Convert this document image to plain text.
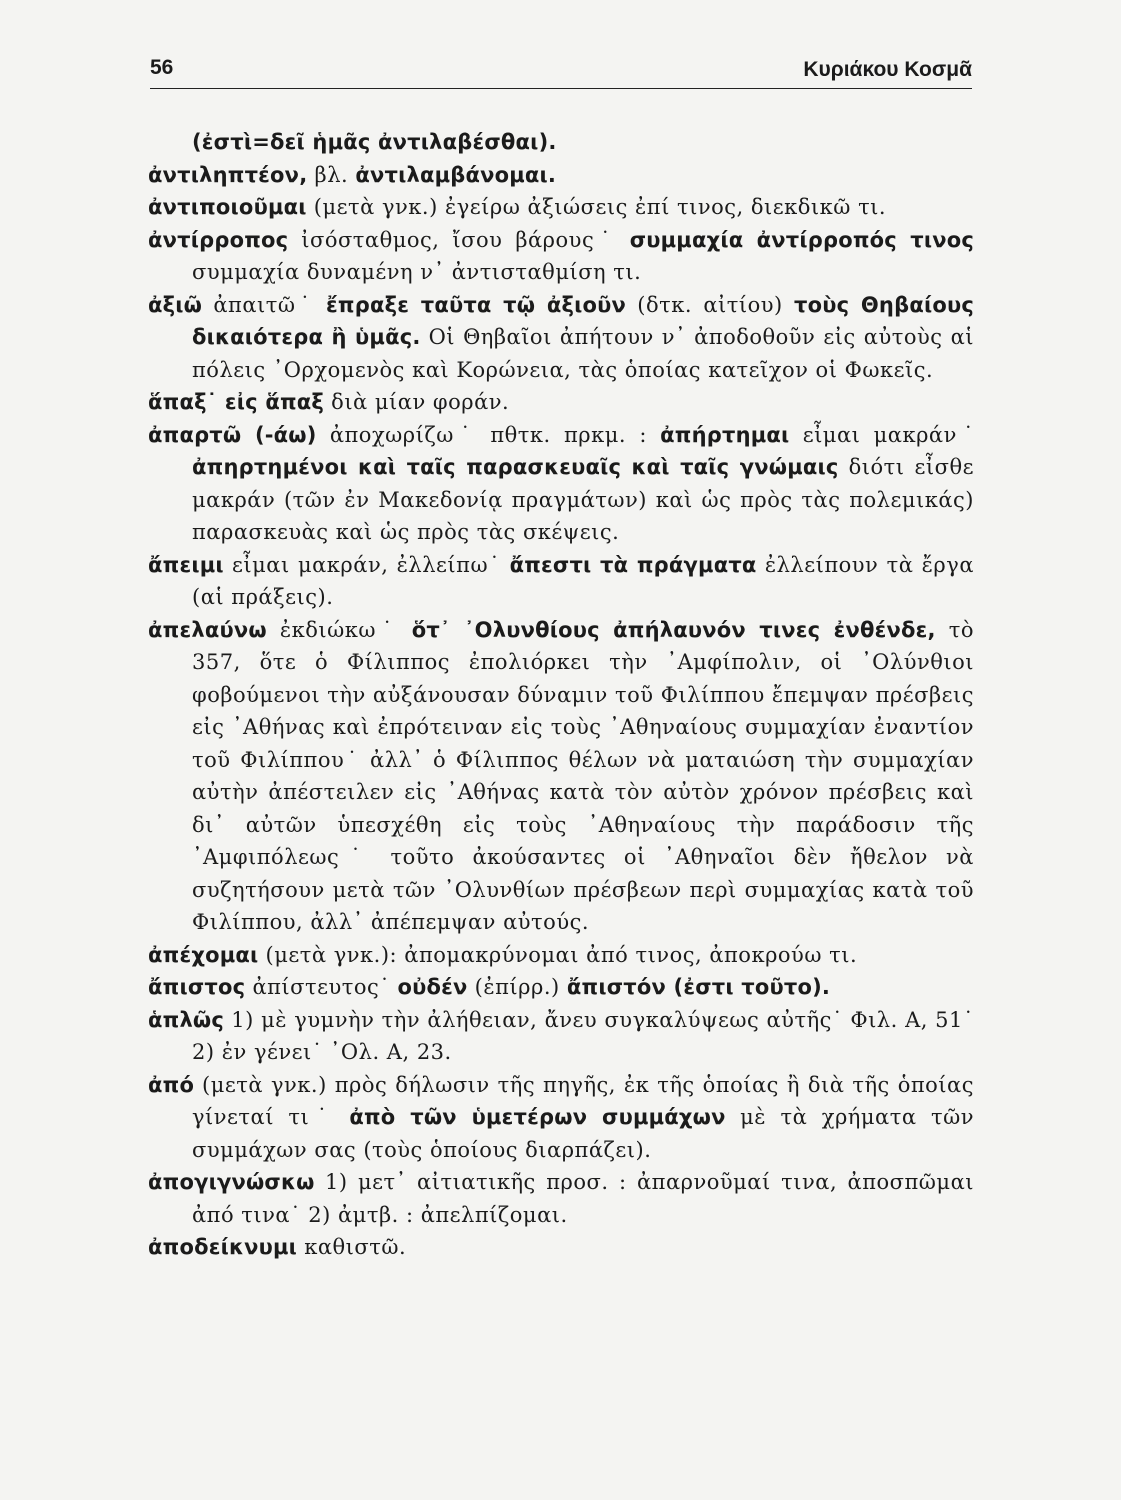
56	Κυριάκου Κοσμᾶ
(ἐστὶ=δεῖ ἡμᾶς ἀντιλαβέσθαι).
ἀντιληπτέον, βλ. ἀντιλαμβάνομαι.
ἀντιποιοῦμαι (μετὰ γνκ.) ἐγείρω ἀξιώσεις ἐπί τινος, διεκδικῶ τι.
ἀντίρροπος ἰσόσταθμος, ἴσου βάρους˙ συμμαχία ἀντίρροπός τινος συμμαχία δυναμένη ν᾽ ἀντισταθμίση τι.
ἀξιῶ ἀπαιτῶ˙ ἔπραξε ταῦτα τῷ ἀξιοῦν (δτκ. αἰτίου) τοὺς Θηβαίους δικαιότερα ἢ ὑμᾶς. Οἱ Θηβαῖοι ἀπήτουν ν᾽ ἀποδοθοῦν εἰς αὐτοὺς αἱ πόλεις ᾽Ορχομενὸς καὶ Κορώνεια, τὰς ὁποίας κατεῖχον οἱ Φωκεῖς.
ἅπαξ˙ εἰς ἅπαξ διὰ μίαν φοράν.
ἀπαρτῶ (-άω) ἀποχωρίζω˙ πθτκ. πρκμ. : ἀπήρτημαι εἶμαι μακράν˙ ἀπηρτημένοι καὶ ταῖς παρασκευαῖς καὶ ταῖς γνώμαις διότι εἶσθε μακράν (τῶν ἐν Μακεδονίᾳ πραγμάτων) καὶ ὡς πρὸς τὰς πολεμικάς) παρασκευὰς καὶ ὡς πρὸς τὰς σκέψεις.
ἄπειμι εἶμαι μακράν, ἐλλείπω˙ ἄπεστι τὰ πράγματα ἐλλείπουν τὰ ἔργα (αἱ πράξεις).
ἀπελαύνω ἐκδιώκω˙ ὅτ᾽ ᾽Ολυνθίους ἀπήλαυνόν τινες ἐνθένδε, τὸ 357, ὅτε ὁ Φίλιππος ἐπολιόρκει τὴν ᾽Αμφίπολιν, οἱ ᾽Ολύνθιοι φοβούμενοι τὴν αὐξάνουσαν δύναμιν τοῦ Φιλίππου ἔπεμψαν πρέσβεις εἰς ᾽Αθήνας καὶ ἐπρότειναν εἰς τοὺς ᾽Αθηναίους συμμαχίαν ἐναντίον τοῦ Φιλίππου˙ ἀλλ᾽ ὁ Φίλιππος θέλων νὰ ματαιώση τὴν συμμαχίαν αὐτὴν ἀπέστειλεν εἰς ᾽Αθήνας κατὰ τὸν αὐτὸν χρόνον πρέσβεις καὶ δι᾽ αὐτῶν ὑπεσχέθη εἰς τοὺς ᾽Αθηναίους τὴν παράδοσιν τῆς ᾽Αμφιπόλεως˙ τοῦτο ἀκούσαντες οἱ ᾽Αθηναῖοι δὲν ἤθελον νὰ συζητήσουν μετὰ τῶν ᾽Ολυνθίων πρέσβεων περὶ συμμαχίας κατὰ τοῦ Φιλίππου, ἀλλ᾽ ἀπέπεμψαν αὐτούς.
ἀπέχομαι (μετὰ γνκ.): ἀπομακρύνομαι ἀπό τινος, ἀποκρούω τι.
ἄπιστος ἀπίστευτος˙ οὐδέν (ἐπίρρ.) ἄπιστόν (ἐστι τοῦτο).
ἁπλῶς 1) μὲ γυμνὴν τὴν ἀλήθειαν, ἄνευ συγκαλύψεως αὐτῆς˙ Φιλ. Α, 51˙ 2) ἐν γένει˙ ᾽Ολ. Α, 23.
ἀπό (μετὰ γνκ.) πρὸς δήλωσιν τῆς πηγῆς, ἐκ τῆς ὁποίας ἢ διὰ τῆς ὁποίας γίνεταί τι˙ ἀπὸ τῶν ὑμετέρων συμμάχων μὲ τὰ χρήματα τῶν συμμάχων σας (τοὺς ὁποίους διαρπάζει).
ἀπογιγνώσκω 1) μετ᾽ αἰτιατικῆς προσ. : ἀπαρνοῦμαί τινα, ἀποσπῶμαι ἀπό τινα˙ 2) ἀμτβ. : ἀπελπίζομαι.
ἀποδείκνυμι καθιστῶ.
